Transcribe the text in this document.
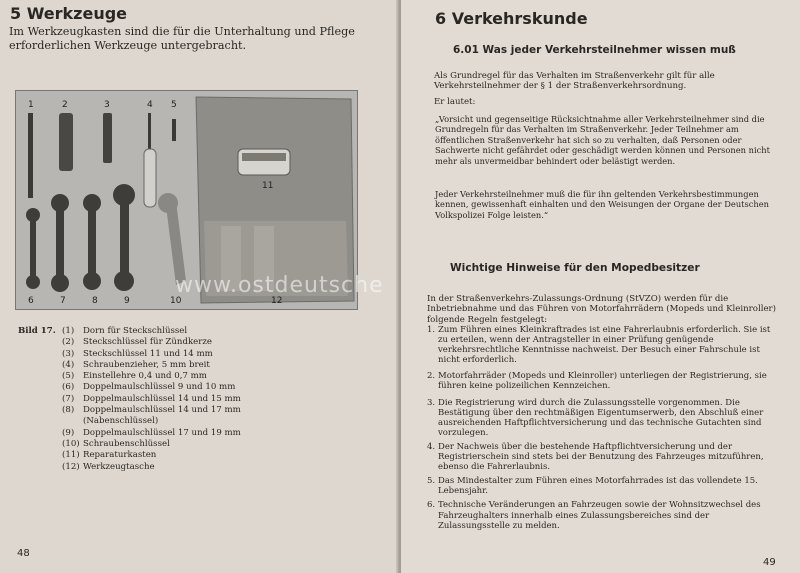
5 Werkzeuge
Im Werkzeugkasten sind die für die Unterhaltung und Pflege erforderlichen Werkzeuge untergebracht.
1	2	3	4 5
6	7	8	9	10
11
12
www.ostdeutsche
Bild 17. (1)	Dorn für Steckschlüssel
(2)	Steckschlüssel für Zündkerze
(3)	Steckschlüssel 11 und 14 mm
(4)	Schraubenzieher, 5 mm breit
(5)	Einstellehre 0,4 und 0,7 mm
(6)	Doppelmaulschlüssel 9 und 10 mm
(7)	Doppelmaulschlüssel 14 und 15 mm
(8)	Doppelmaulschlüssel 14 und 17 mm
(Nabenschlüssel)
(9)	Doppelmaulschlüssel 17 und 19 mm
(10) Schraubenschlüssel
(11) Reparaturkasten
(12) Werkzeugtasche
48
6 Verkehrskunde
6.01 Was jeder Verkehrsteilnehmer wissen muß
Als Grundregel für das Verhalten im Straßenverkehr gilt für alle Verkehrsteilnehmer der § 1 der Straßenverkehrsordnung.
Er lautet:
„Vorsicht und gegenseitige Rücksichtnahme aller Verkehrsteilnehmer sind die Grundregeln für das Verhalten im Straßenverkehr. Jeder Teilnehmer am öffentlichen Straßenverkehr hat sich so zu verhalten, daß Personen oder Sachwerte nicht gefährdet oder geschädigt werden können und Personen nicht mehr als unvermeidbar behindert oder belästigt werden.
Jeder Verkehrsteilnehmer muß die für ihn geltenden Verkehrsbestimmungen kennen, gewissenhaft einhalten und den Weisungen der Organe der Deutschen Volkspolizei Folge leisten.“
Wichtige Hinweise für den Mopedbesitzer
In der Straßenverkehrs-Zulassungs-Ordnung (StVZO) werden für die Inbetriebnahme und das Führen von Motorfahrrädern (Mopeds und Kleinroller) folgende Regeln festgelegt:
1. Zum Führen eines Kleinkraftrades ist eine Fahrerlaubnis erforderlich. Sie ist zu erteilen, wenn der Antragsteller in einer Prüfung genügende verkehrsrechtliche Kenntnisse nachweist. Der Besuch einer Fahrschule ist nicht erforderlich.
2. Motorfahrräder (Mopeds und Kleinroller) unterliegen der Registrierung, sie führen keine polizeilichen Kennzeichen.
3. Die Registrierung wird durch die Zulassungsstelle vorgenommen. Die Bestätigung über den rechtmäßigen Eigentumserwerb, den Abschluß einer ausreichenden Haftpflichtversicherung und das technische Gutachten sind vorzulegen.
4. Der Nachweis über die bestehende Haftpflichtversicherung und der Registrierschein sind stets bei der Benutzung des Fahrzeuges mitzuführen, ebenso die Fahrerlaubnis.
5. Das Mindestalter zum Führen eines Motorfahrrades ist das vollendete 15. Lebensjahr.
6. Technische Veränderungen an Fahrzeugen sowie der Wohnsitzwechsel des Fahrzeughalters innerhalb eines Zulassungsbereiches sind der Zulassungsstelle zu melden.
49
